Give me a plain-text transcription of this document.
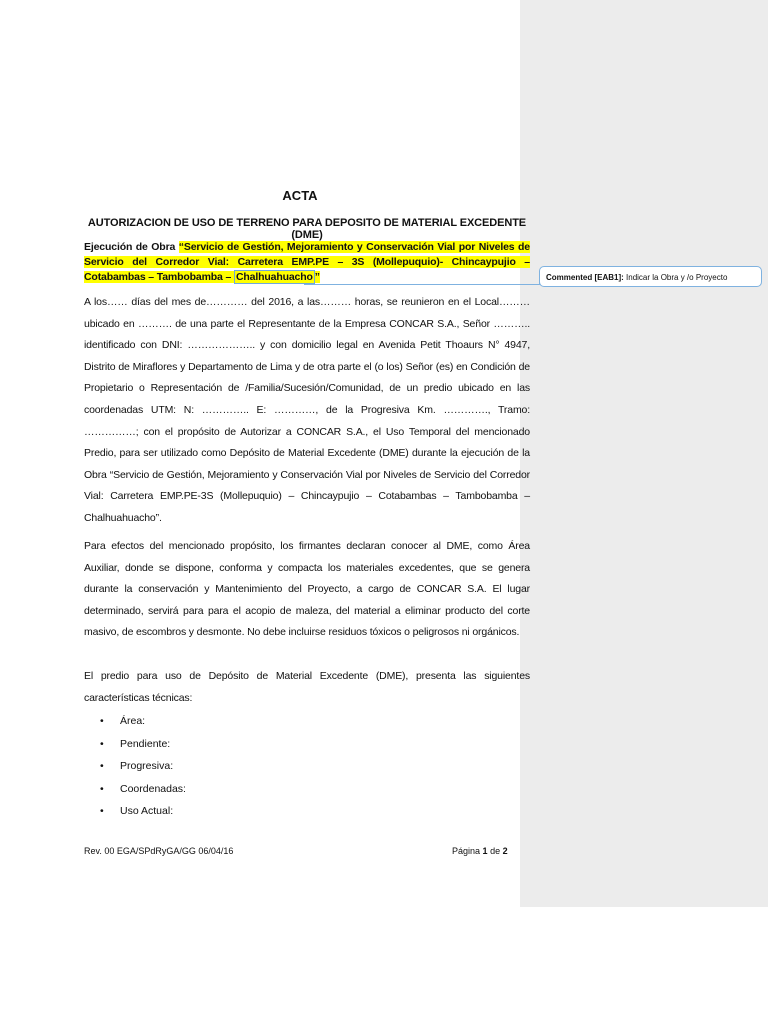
ACTA
AUTORIZACION DE USO DE TERRENO PARA DEPOSITO DE MATERIAL EXCEDENTE (DME)
Ejecución de Obra “Servicio de Gestión, Mejoramiento y Conservación Vial por Niveles de Servicio del Corredor Vial: Carretera EMP.PE – 3S (Mollepuquio)- Chincaypujio – Cotabambas – Tambobamba – Chalhuahuacho ”	Commented [EAB1]: Indicar la Obra y /o Proyecto
A los…… días del mes de………… del 2016, a las……… horas, se reunieron en el Local……… ubicado en ………. de una parte el Representante de la Empresa CONCAR S.A., Señor ……….. identificado con DNI: ……………….. y con domicilio legal en Avenida Petit Thoaurs N° 4947, Distrito de Miraflores y Departamento de Lima y de otra parte el (o los) Señor (es) en Condición de Propietario o Representación de /Familia/Sucesión/Comunidad, de un predio ubicado en las coordenadas UTM: N: ………….. E: …………, de la Progresiva Km. …………., Tramo: ……………; con el propósito de Autorizar a CONCAR S.A., el Uso Temporal del mencionado Predio, para ser utilizado como Depósito de Material Excedente (DME) durante la ejecución de la Obra “Servicio de Gestión, Mejoramiento y Conservación Vial por Niveles de Servicio del Corredor Vial: Carretera EMP.PE-3S (Mollepuquio) – Chincaypujio – Cotabambas – Tambobamba – Chalhuahuacho”.
Para efectos del mencionado propósito, los firmantes declaran conocer al DME, como Área Auxiliar, donde se dispone, conforma y compacta los materiales excedentes, que se genera durante la conservación y Mantenimiento del Proyecto, a cargo de CONCAR S.A. El lugar determinado, servirá para para el acopio de maleza, del material a eliminar producto del corte masivo, de escombros y desmonte. No debe incluirse residuos tóxicos o peligrosos ni orgánicos.
El predio para uso de Depósito de Material Excedente (DME), presenta las siguientes características técnicas:
• Área:
• Pendiente:
• Progresiva:
• Coordenadas:
• Uso Actual:
Rev. 00 EGA/SPdRyGA/GG 06/04/16	Página 1 de 2
